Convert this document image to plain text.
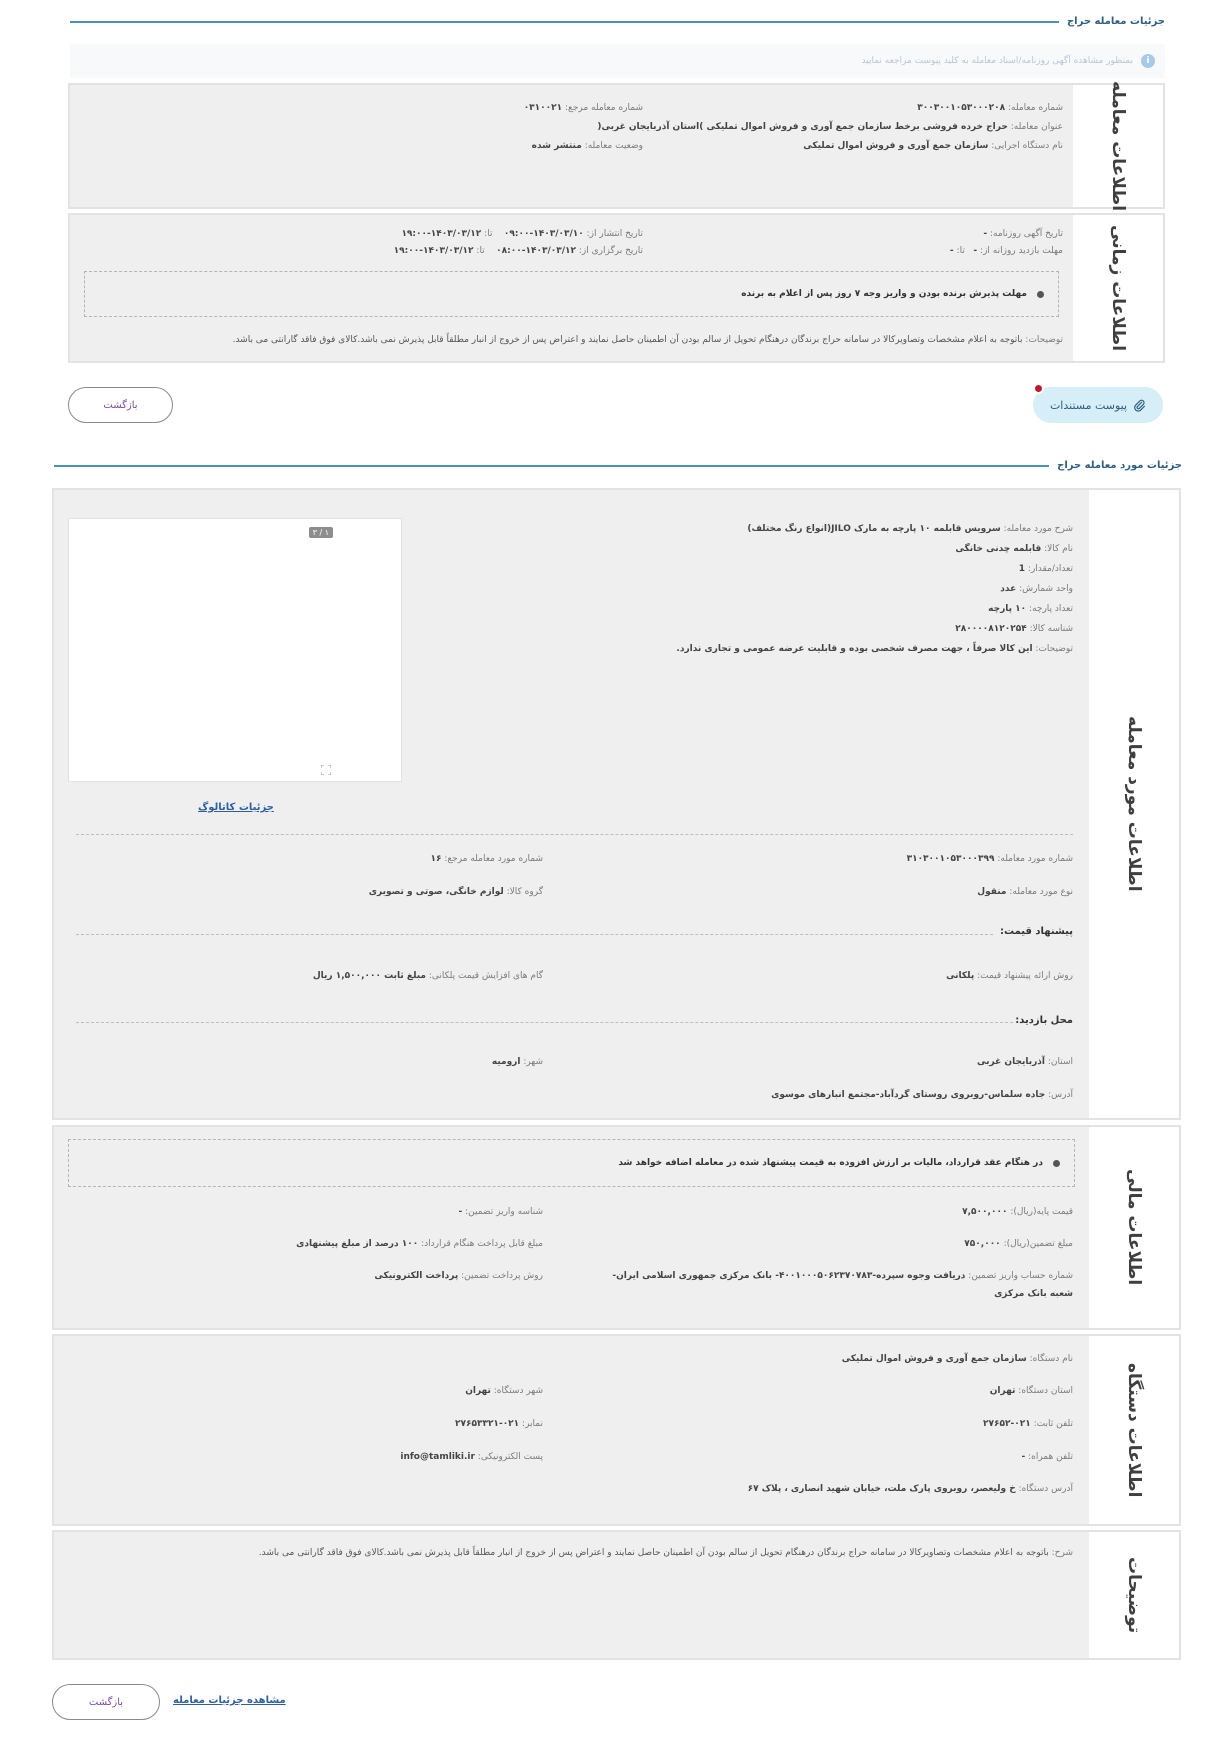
جزئیات معامله حراج
i
بمنظور مشاهده آگهی روزنامه/اسناد معامله به کلید پیوست مراجعه نمایید
اطلاعات معامله
شماره معامله: ۳۰۰۳۰۰۱۰۵۳۰۰۰۲۰۸
عنوان معامله: حراج خرده فروشی برخط سازمان جمع آوری و فروش اموال تملیکی )استان آذربایجان غربی(
نام دستگاه اجرایی: سازمان جمع آوری و فروش اموال تملیکی
شماره معامله مرجع: ۰۳۱۰۰۲۱
وضعیت معامله: منتشر شده
اطلاعات زمانی
تاریخ آگهی روزنامه: -
مهلت بازدید روزانه از: -   تا: -
تاریخ انتشار از: ۱۴۰۳/۰۳/۱۰-۰۹:۰۰    تا: ۱۴۰۳/۰۳/۱۲-۱۹:۰۰
تاریخ برگزاری از: ۱۴۰۳/۰۳/۱۲-۰۸:۰۰    تا: ۱۴۰۳/۰۳/۱۲-۱۹:۰۰
مهلت پذیرش برنده بودن و واریز وجه ۷ روز پس از اعلام به برنده
توضیحات: باتوجه به اعلام مشخصات وتصاویرکالا در سامانه حراج برندگان درهنگام تحویل از سالم بودن آن اطمینان حاصل نمایند و اعتراض پس از خروج از انبار مطلقاً قابل پذیرش نمی باشد.کالای فوق فاقد گارانتی می باشد.
بازگشت	پیوست مستندات
جزئیات مورد معامله حراج
اطلاعات مورد معامله
شرح مورد معامله: سرویس قابلمه ۱۰ پارچه به مارک JILO(انواع رنگ مختلف)
نام کالا: قابلمه چدنی خانگی
تعداد/مقدار: 1
واحد شمارش: عدد
تعداد پارچه: ۱۰ پارچه
شناسه کالا: ۲۸۰۰۰۰۸۱۲۰۲۵۴
توضیحات: این کالا صرفاً ، جهت مصرف شخصی بوده و قابلیت عرضه عمومی و تجاری ندارد.
۳ / ۱
جزئیات کاتالوگ
شماره مورد معامله: ۳۱۰۳۰۰۱۰۵۳۰۰۰۳۹۹
شماره مورد معامله مرجع: ۱۶
نوع مورد معامله: منقول
گروه کالا: لوازم خانگی، صوتی و تصویری
پیشنهاد قیمت:
روش ارائه پیشنهاد قیمت: پلکانی
گام های افزایش قیمت پلکانی: مبلغ ثابت ۱,۵۰۰,۰۰۰ ریال
محل بازدید:
استان: آذربایجان غربی
شهر: ارومیه
آدرس: جاده سلماس-روبروی روستای گردآباد-مجتمع انبارهای موسوی
اطلاعات مالی
در هنگام عقد قرارداد، مالیات بر ارزش افزوده به قیمت پیشنهاد شده در معامله اضافه خواهد شد
قیمت پایه(ریال): ۷,۵۰۰,۰۰۰
شناسه واریز تضمین: -
مبلغ تضمین(ریال): ۷۵۰,۰۰۰
مبلغ قابل پرداخت هنگام قرارداد: ۱۰۰ درصد از مبلغ پیشنهادی
شماره حساب واریز تضمین: دریافت وجوه سپرده-۴۰۰۱۰۰۰۵۰۶۲۳۷۰۷۸۳- بانک مرکزی جمهوری اسلامی ایران-
شعبه بانک مرکزی
روش پرداخت تضمین: پرداخت الکترونیکی
اطلاعات دستگاه
نام دستگاه: سازمان جمع آوری و فروش اموال تملیکی
استان دستگاه: تهران
شهر دستگاه: تهران
تلفن ثابت: ۰۲۱-۲۷۶۵۲
نمابر: ۰۲۱-۲۷۶۵۳۳۲۱
تلفن همراه: -
پست الکترونیکی: info@tamliki.ir
آدرس دستگاه: خ ولیعصر، روبروی پارک ملت، خیابان شهید انصاری ، پلاک ۶۷
توضیحات
شرح: باتوجه به اعلام مشخصات وتصاویرکالا در سامانه حراج برندگان درهنگام تحویل از سالم بودن آن اطمینان حاصل نمایند و اعتراض پس از خروج از انبار مطلقاً قابل پذیرش نمی باشد.کالای فوق فاقد گارانتی می باشد.
بازگشت	مشاهده جزئیات معامله
